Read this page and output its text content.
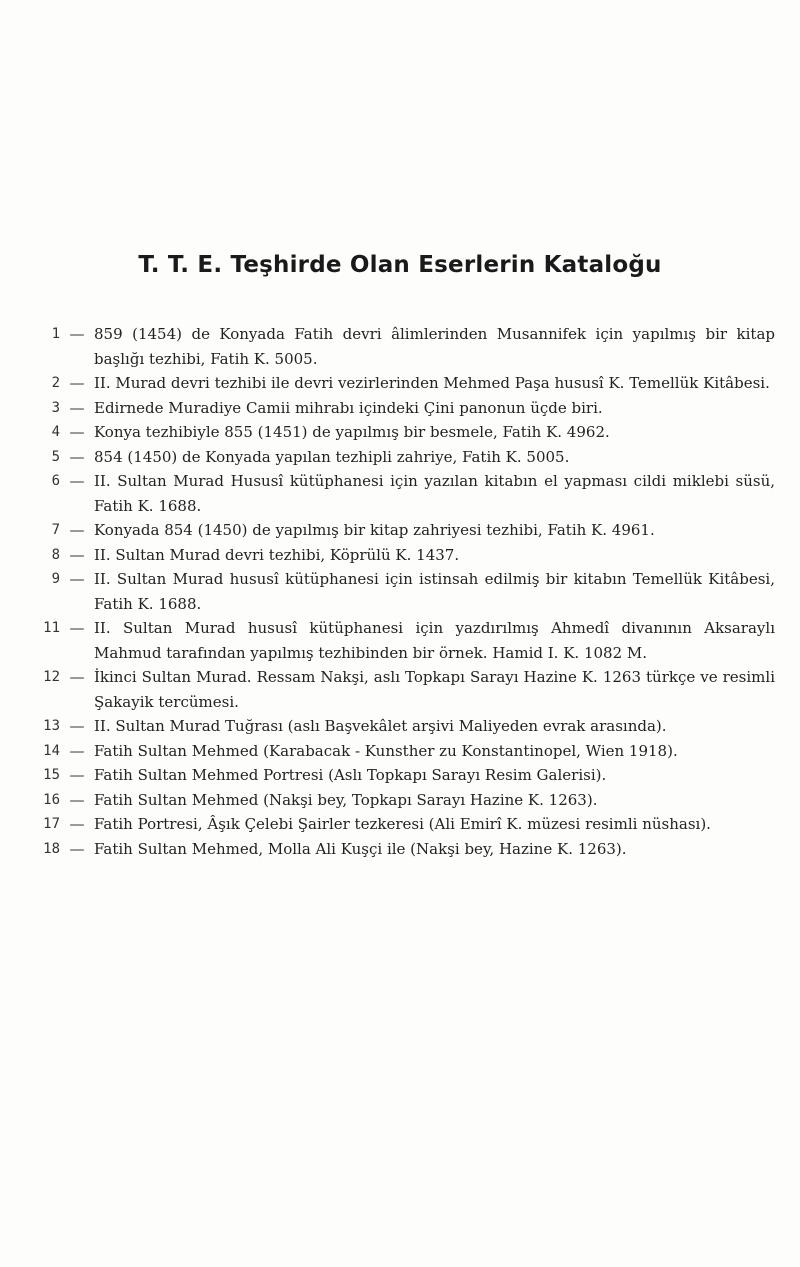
T. T. E. Teşhirde Olan Eserlerin Kataloğu
1 — 859 (1454) de Konyada Fatih devri âlimlerinden Musannifek için yapılmış bir kitap başlığı tezhibi, Fatih K. 5005.
2 — II. Murad devri tezhibi ile devri vezirlerinden Mehmed Paşa hususî K. Temellük Kitâbesi.
3 — Edirnede Muradiye Camii mihrabı içindeki Çini panonun üçde biri.
4 — Konya tezhibiyle 855 (1451) de yapılmış bir besmele, Fatih K. 4962.
5 — 854 (1450) de Konyada yapılan tezhipli zahriye, Fatih K. 5005.
6 — II. Sultan Murad Hususî kütüphanesi için yazılan kitabın el yapması cildi miklebi süsü, Fatih K. 1688.
7 — Konyada 854 (1450) de yapılmış bir kitap zahriyesi tezhibi, Fatih K. 4961.
8 — II. Sultan Murad devri tezhibi, Köprülü K. 1437.
9 — II. Sultan Murad hususî kütüphanesi için istinsah edilmiş bir kitabın Temellük Kitâbesi, Fatih K. 1688.
11 — II. Sultan Murad hususî kütüphanesi için yazdırılmış Ahmedî divanının Aksaraylı Mahmud tarafından yapılmış tezhibinden bir örnek. Hamid I. K. 1082 M.
12 — İkinci Sultan Murad. Ressam Nakşi, aslı Topkapı Sarayı Hazine K. 1263 türkçe ve resimli Şakayik tercümesi.
13 — II. Sultan Murad Tuğrası (aslı Başvekâlet arşivi Maliyeden evrak arasında).
14 — Fatih Sultan Mehmed (Karabacak - Kunsther zu Konstantinopel, Wien 1918).
15 — Fatih Sultan Mehmed Portresi (Aslı Topkapı Sarayı Resim Galerisi).
16 — Fatih Sultan Mehmed (Nakşi bey, Topkapı Sarayı Hazine K. 1263).
17 — Fatih Portresi, Âşık Çelebi Şairler tezkeresi (Ali Emirî K. müzesi resimli nüshası).
18 — Fatih Sultan Mehmed, Molla Ali Kuşçi ile (Nakşi bey, Hazine K. 1263).
